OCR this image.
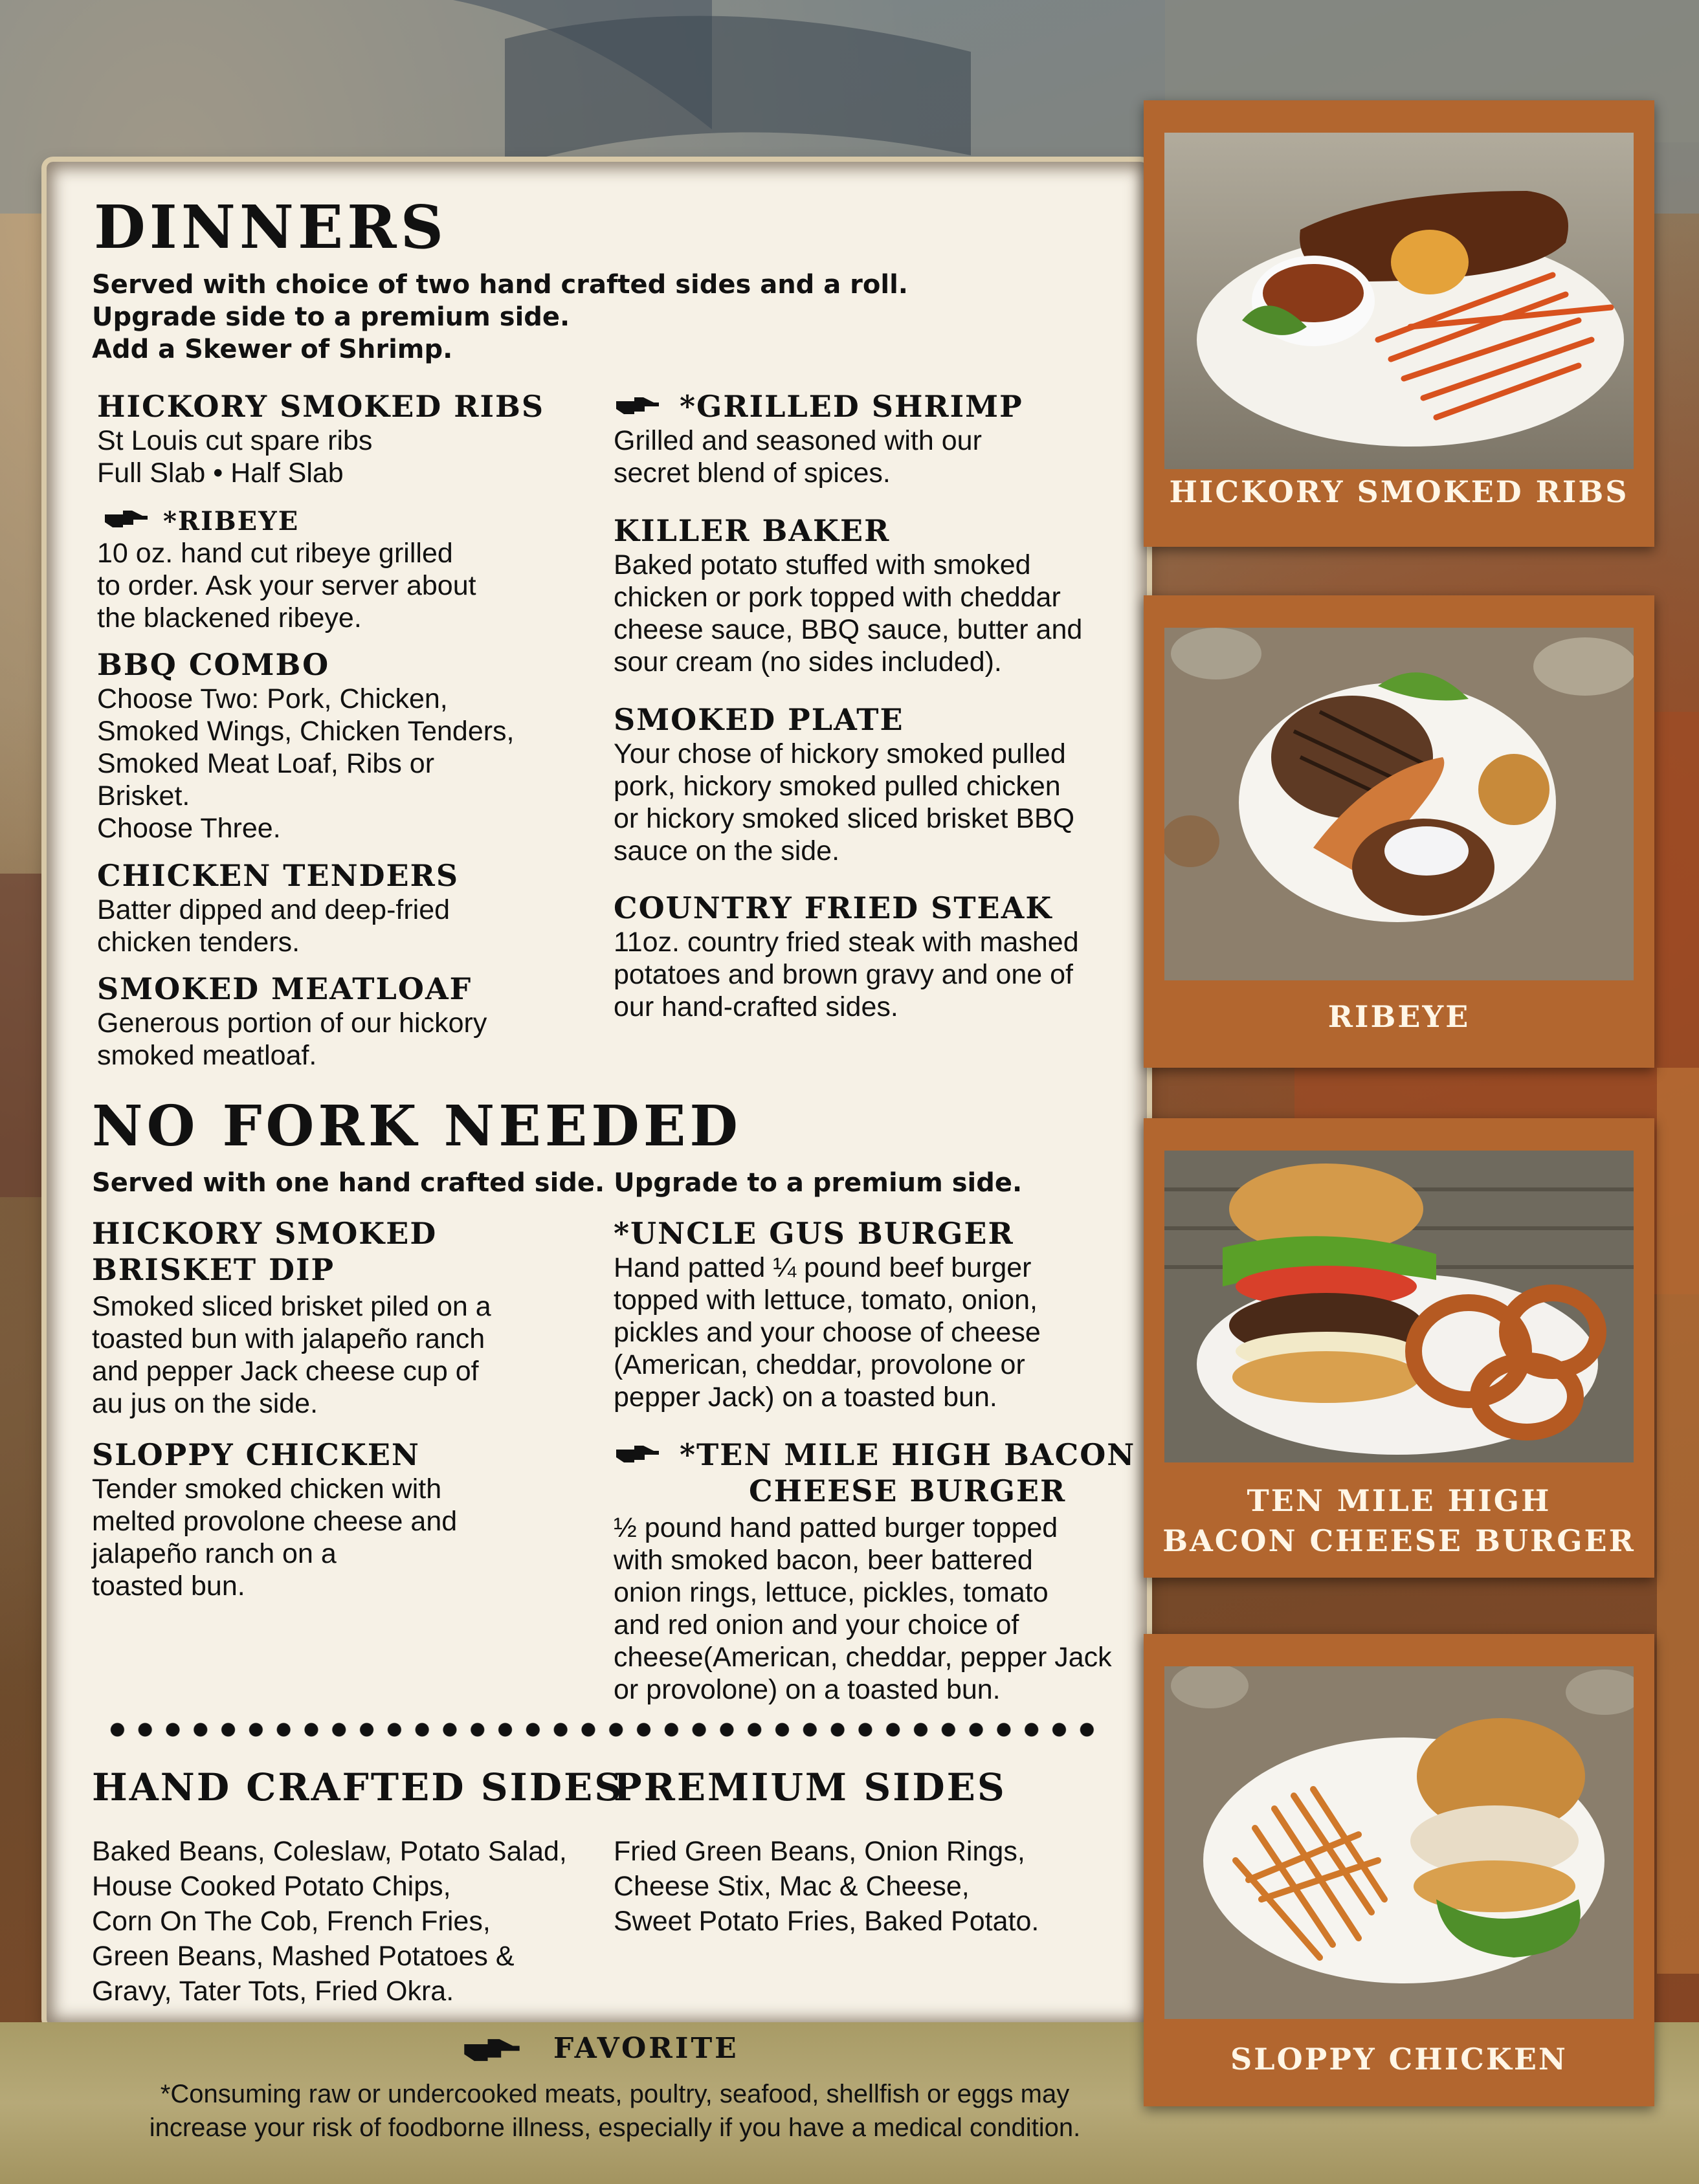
DINNERS

Served with choice of two hand crafted sides and a roll.

Upgrade side to a premium side.

Add a Skewer of Shrimp.

HICKORY SMOKED RIBS
St Louis cut spare ribs
Full Slab • Half Slab
*RIBEYE
10 oz. hand cut ribeye grilled
to order. Ask your server about
the blackened ribeye.
BBQ COMBO
Choose Two: Pork, Chicken,
Smoked Wings, Chicken Tenders,
Smoked Meat Loaf, Ribs or
Brisket.
Choose Three.
CHICKEN TENDERS
Batter dipped and deep-fried
chicken tenders.
SMOKED MEATLOAF
Generous portion of our hickory
smoked meatloaf.
*GRILLED SHRIMP
Grilled and seasoned with our
secret blend of spices.
KILLER BAKER
Baked potato stuffed with smoked
chicken or pork topped with cheddar
cheese sauce, BBQ sauce, butter and
sour cream (no sides included).
SMOKED PLATE
Your chose of hickory smoked pulled
pork, hickory smoked pulled chicken
or hickory smoked sliced brisket BBQ
sauce on the side.
COUNTRY FRIED STEAK
11oz. country fried steak with mashed
potatoes and brown gravy and one of
our hand-crafted sides.
NO FORK NEEDED

Served with one hand crafted side. Upgrade to a premium side.

HICKORY SMOKED
BRISKET DIP
Smoked sliced brisket piled on a
toasted bun with jalapeño ranch
and pepper Jack cheese cup of
au jus on the side.
SLOPPY CHICKEN
Tender smoked chicken with
melted provolone cheese and
jalapeño ranch on a
toasted bun.
*UNCLE GUS BURGER
Hand patted ¼ pound beef burger
topped with lettuce, tomato, onion,
pickles and your choose of cheese
(American, cheddar, provolone or
pepper Jack) on a toasted bun.
*TEN MILE HIGH BACON
CHEESE BURGER
½ pound hand patted burger topped
with smoked bacon, beer battered
onion rings, lettuce, pickles, tomato
and red onion and your choice of
cheese(American, cheddar, pepper Jack
or provolone) on a toasted bun.
HAND CRAFTED SIDES

Baked Beans, Coleslaw, Potato Salad,
House Cooked Potato Chips,
Corn On The Cob, French Fries,
Green Beans, Mashed Potatoes &
Gravy, Tater Tots, Fried Okra.

PREMIUM SIDES

Fried Green Beans, Onion Rings,
Cheese Stix, Mac & Cheese,
Sweet Potato Fries, Baked Potato.

FAVORITE

*Consuming raw or undercooked meats, poultry, seafood, shellfish or eggs may
increase your risk of foodborne illness, especially if you have a medical condition.

HICKORY SMOKED RIBS
RIBEYE
TEN MILE HIGH
BACON CHEESE BURGER
SLOPPY CHICKEN
